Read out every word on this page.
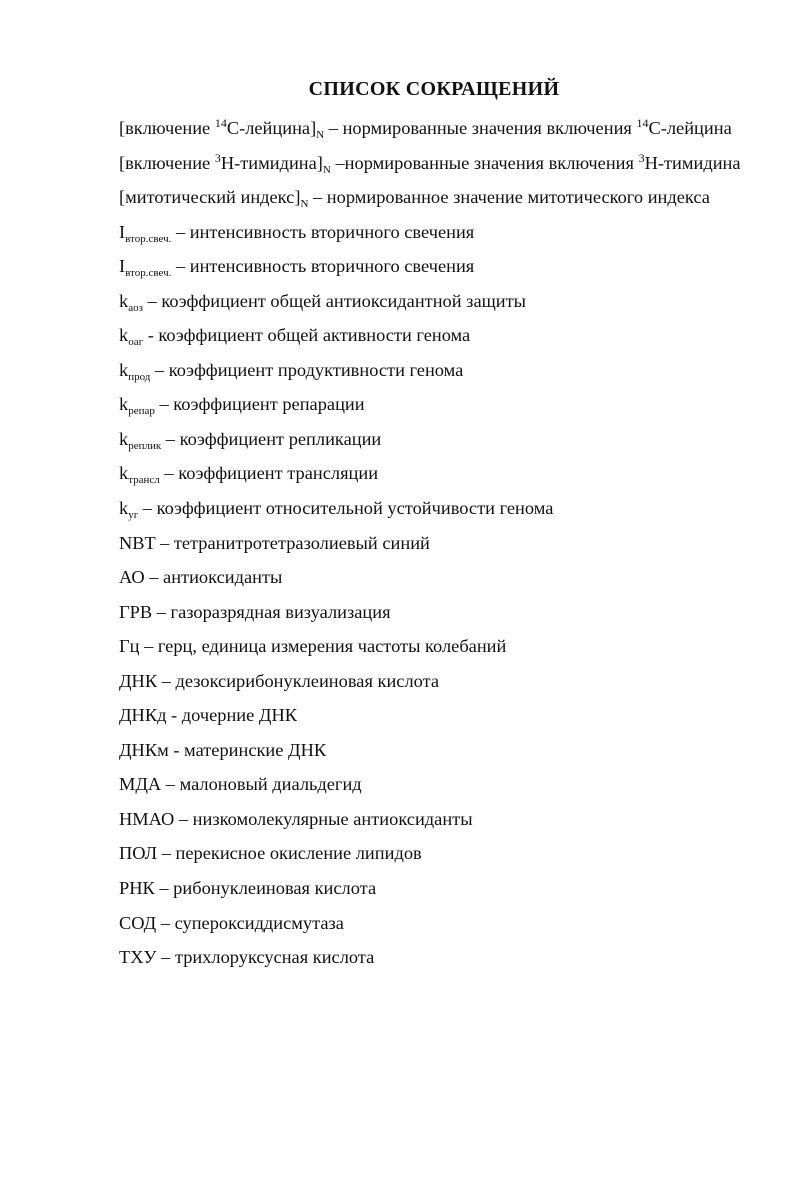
СПИСОК СОКРАЩЕНИЙ
[включение $^{14}С-лейцина]_N$ – нормированные значения включения $^{14}$С-лейцина
[включение $^3Н-тимидина]_N$ –нормированные значения включения $^3$Н-тимидина
[митотический $индекс]_N$ – нормированное значение митотического индекса
$I_{втор.свеч.}$ – интенсивность вторичного свечения
$I_{втор.свеч.}$ – интенсивность вторичного свечения
$k_{аоз}$ – коэффициент общей антиоксидантной защиты
$k_{оаг}$ - коэффициент общей активности генома
$k_{прод}$ – коэффициент продуктивности генома
$k_{репар}$ – коэффициент репарации
$k_{реплик}$ – коэффициент репликации
$k_{трансл}$ – коэффициент трансляции
$k_{уг}$ – коэффициент относительной устойчивости генома
NBT – тетранитротетразолиевый синий
АО – антиоксиданты
ГРВ – газоразрядная визуализация
Гц – герц, единица измерения частоты колебаний
ДНК – дезоксирибонуклеиновая кислота
ДНКд - дочерние ДНК
ДНКм - материнские ДНК
МДА – малоновый диальдегид
НМАО – низкомолекулярные антиоксиданты
ПОЛ – перекисное окисление липидов
РНК – рибонуклеиновая кислота
СОД – супероксиддисмутаза
ТХУ – трихлоруксусная кислота
